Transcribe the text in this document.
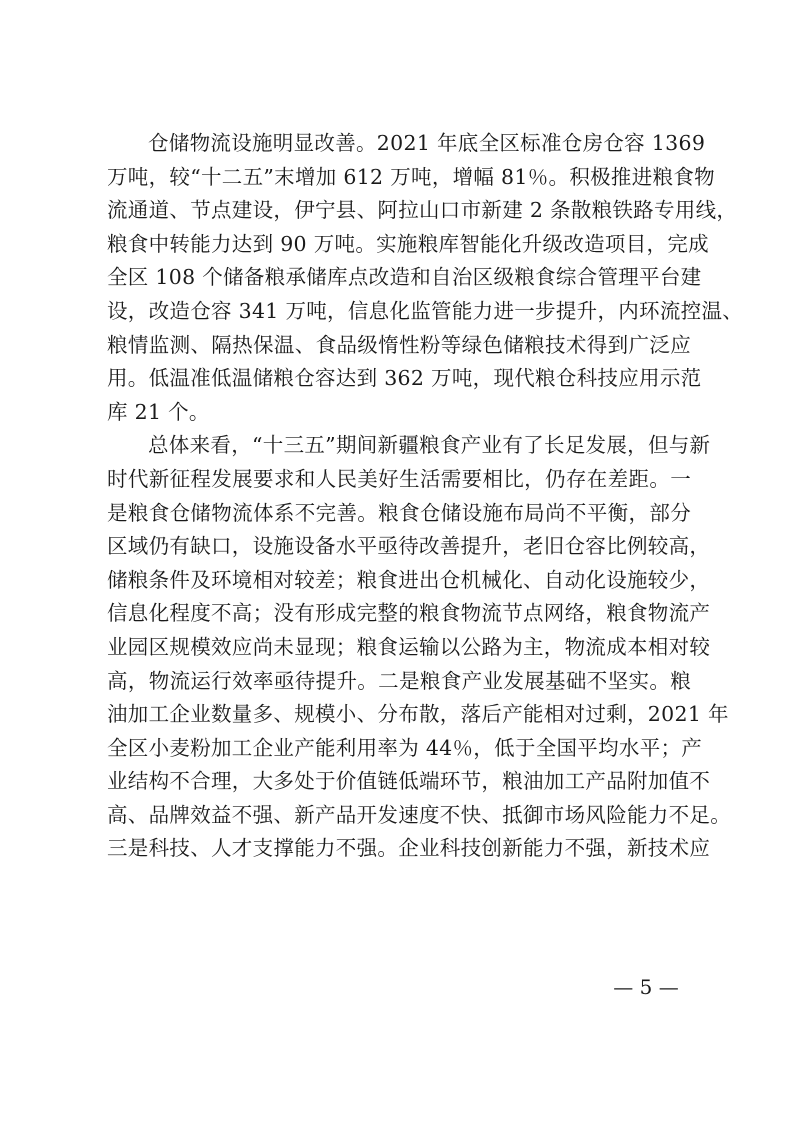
仓储物流设施明显改善。2021 年底全区标准仓房仓容 1369
万吨，较“十二五”末增加 612 万吨，增幅 81％。积极推进粮食物
流通道、节点建设，伊宁县、阿拉山口市新建 2 条散粮铁路专用线，
粮食中转能力达到 90 万吨。实施粮库智能化升级改造项目，完成
全区 108 个储备粮承储库点改造和自治区级粮食综合管理平台建
设，改造仓容 341 万吨，信息化监管能力进一步提升，内环流控温、
粮情监测、隔热保温、食品级惰性粉等绿色储粮技术得到广泛应
用。低温准低温储粮仓容达到 362 万吨，现代粮仓科技应用示范
库 21 个。
总体来看，“十三五”期间新疆粮食产业有了长足发展，但与新
时代新征程发展要求和人民美好生活需要相比，仍存在差距。一
是粮食仓储物流体系不完善。粮食仓储设施布局尚不平衡，部分
区域仍有缺口，设施设备水平亟待改善提升，老旧仓容比例较高，
储粮条件及环境相对较差；粮食进出仓机械化、自动化设施较少，
信息化程度不高；没有形成完整的粮食物流节点网络，粮食物流产
业园区规模效应尚未显现；粮食运输以公路为主，物流成本相对较
高，物流运行效率亟待提升。二是粮食产业发展基础不坚实。粮
油加工企业数量多、规模小、分布散，落后产能相对过剩，2021 年
全区小麦粉加工企业产能利用率为 44％，低于全国平均水平；产
业结构不合理，大多处于价值链低端环节，粮油加工产品附加值不
高、品牌效益不强、新产品开发速度不快、抵御市场风险能力不足。
三是科技、人才支撑能力不强。企业科技创新能力不强，新技术应
— 5 —
